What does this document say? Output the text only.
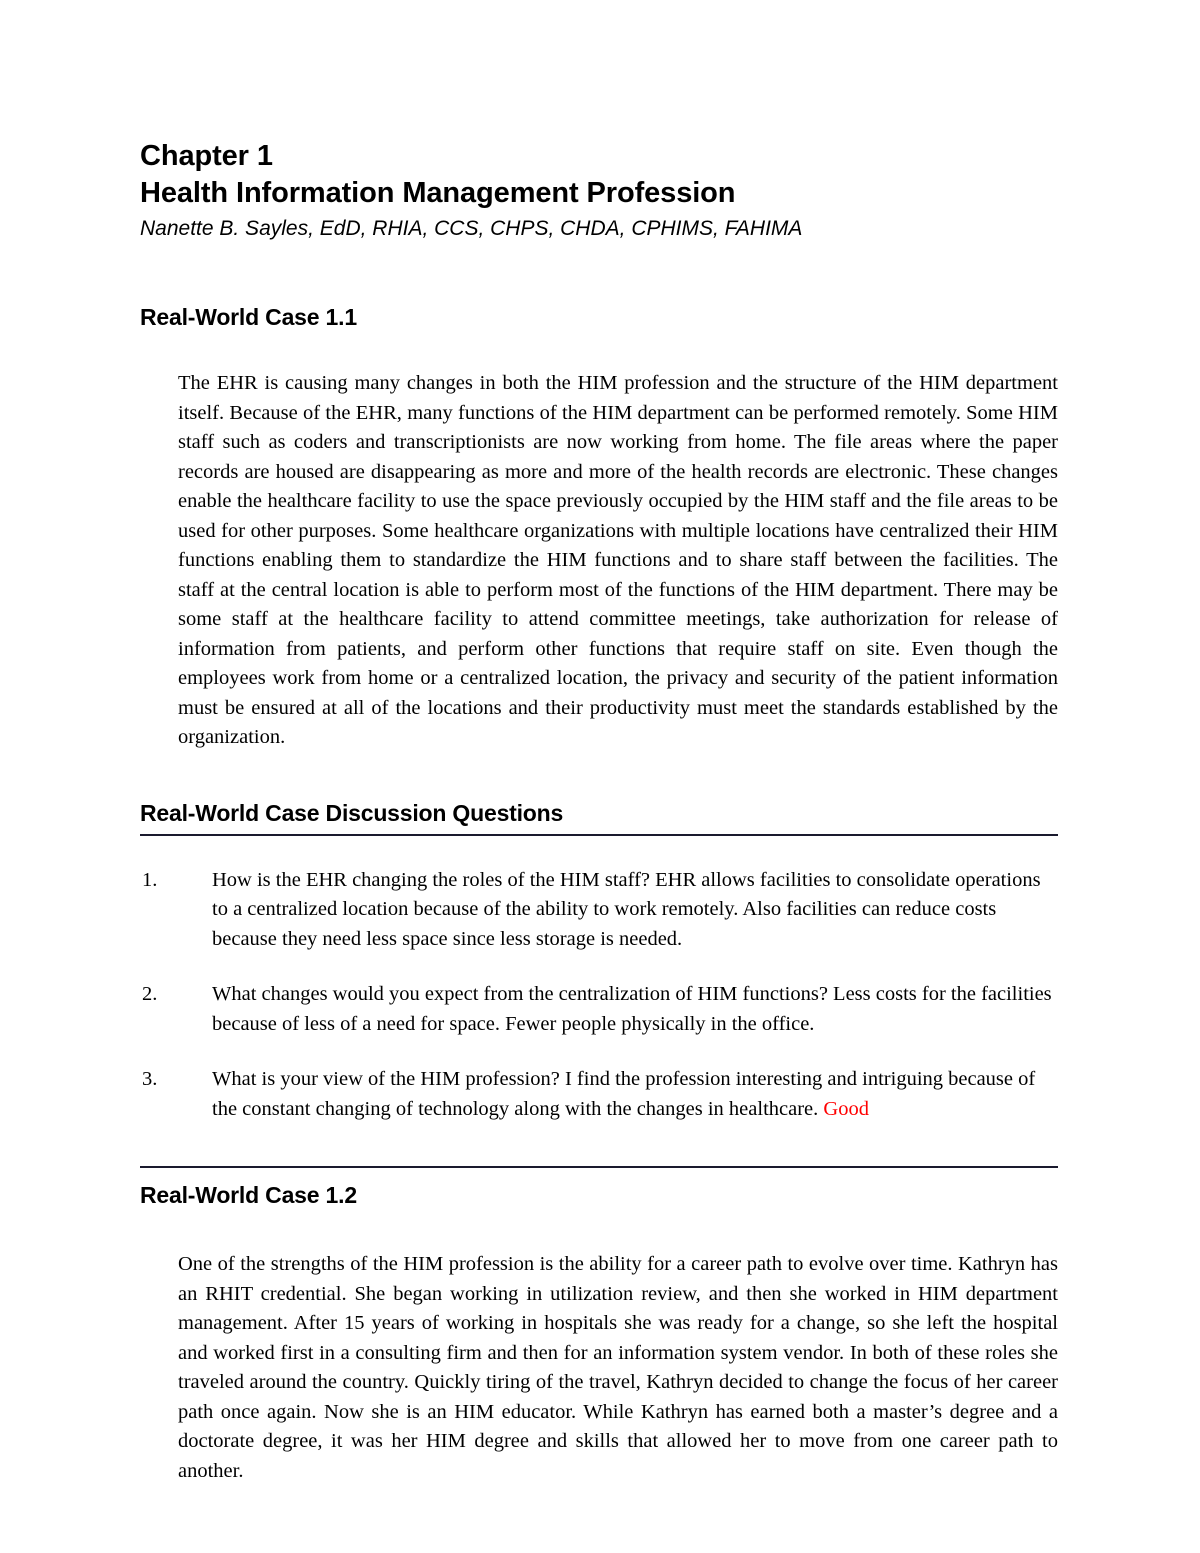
Chapter 1
Health Information Management Profession

Nanette B. Sayles, EdD, RHIA, CCS, CHPS, CHDA, CPHIMS, FAHIMA

Real-World Case 1.1

The EHR is causing many changes in both the HIM profession and the structure of the HIM department itself. Because of the EHR, many functions of the HIM department can be performed remotely. Some HIM staff such as coders and transcriptionists are now working from home. The file areas where the paper records are housed are disappearing as more and more of the health records are electronic. These changes enable the healthcare facility to use the space previously occupied by the HIM staff and the file areas to be used for other purposes. Some healthcare organizations with multiple locations have centralized their HIM functions enabling them to standardize the HIM functions and to share staff between the facilities. The staff at the central location is able to perform most of the functions of the HIM department. There may be some staff at the healthcare facility to attend committee meetings, take authorization for release of information from patients, and perform other functions that require staff on site. Even though the employees work from home or a centralized location, the privacy and security of the patient information must be ensured at all of the locations and their productivity must meet the standards established by the organization.

Real-World Case Discussion Questions
1.	How is the EHR changing the roles of the HIM staff? EHR allows facilities to consolidate operations to a centralized location because of the ability to work remotely. Also facilities can reduce costs because they need less space since less storage is needed.
2.	What changes would you expect from the centralization of HIM functions? Less costs for the facilities because of less of a need for space. Fewer people physically in the office.
3.	What is your view of the HIM profession? I find the profession interesting and intriguing because of the constant changing of technology along with the changes in healthcare. Good
Real-World Case 1.2

One of the strengths of the HIM profession is the ability for a career path to evolve over time. Kathryn has an RHIT credential. She began working in utilization review, and then she worked in HIM department management. After 15 years of working in hospitals she was ready for a change, so she left the hospital and worked first in a consulting firm and then for an information system vendor. In both of these roles she traveled around the country. Quickly tiring of the travel, Kathryn decided to change the focus of her career path once again. Now she is an HIM educator. While Kathryn has earned both a master’s degree and a doctorate degree, it was her HIM degree and skills that allowed her to move from one career path to another.
